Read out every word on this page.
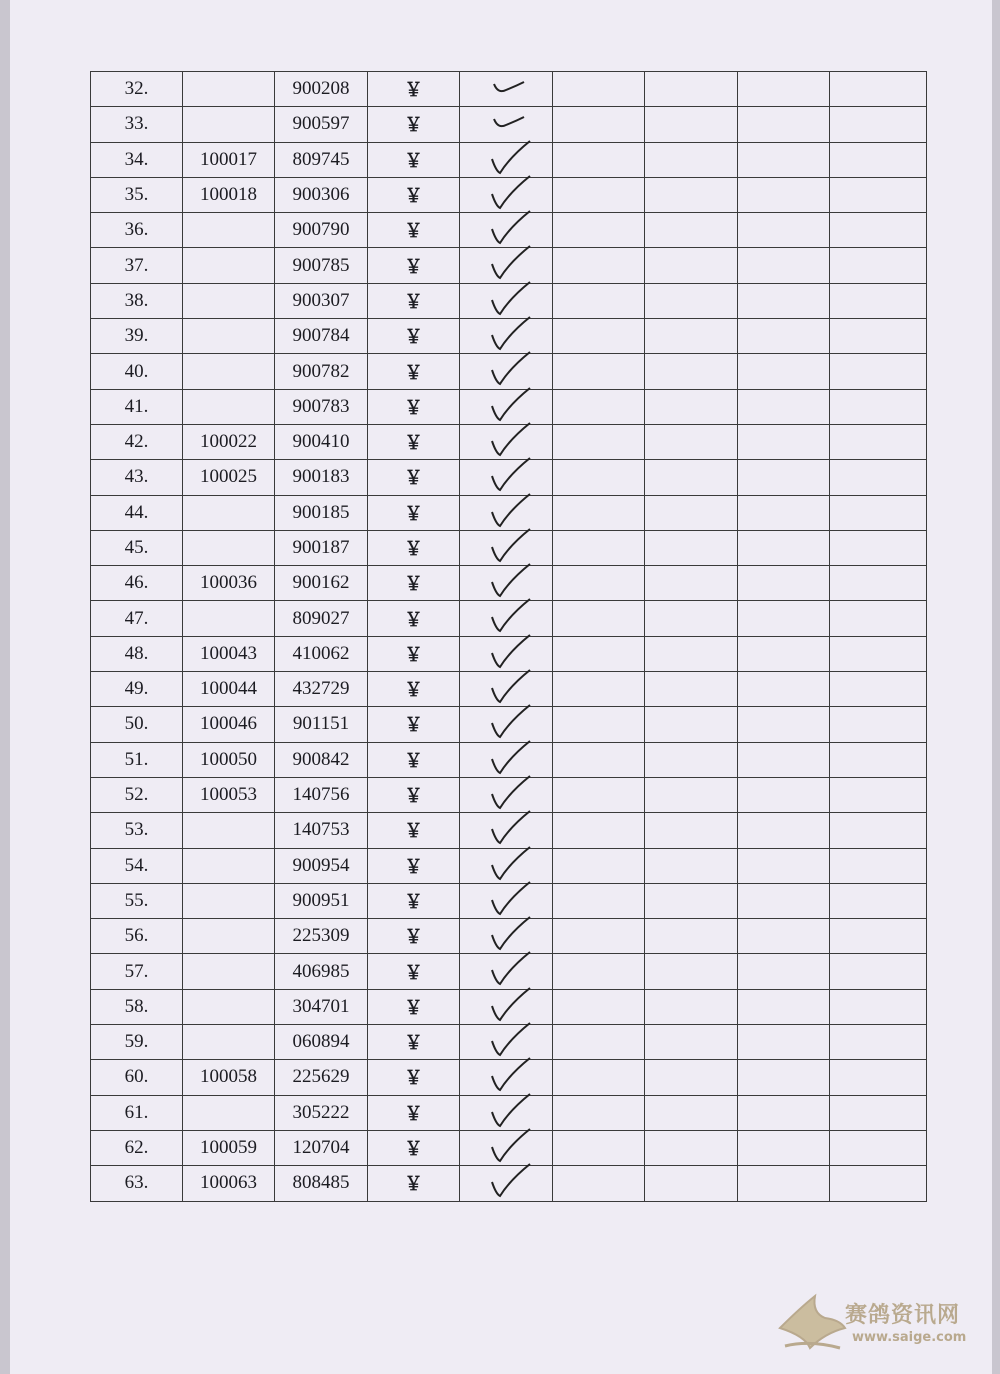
32.		900208	￥	

33.		900597	￥	

34.	100017	809745	￥	

35.	100018	900306	￥	

36.		900790	￥	

37.		900785	￥	

38.		900307	￥	

39.		900784	￥	

40.		900782	￥	

41.		900783	￥	

42.	100022	900410	￥	

43.	100025	900183	￥	

44.		900185	￥	

45.		900187	￥	

46.	100036	900162	￥	

47.		809027	￥	

48.	100043	410062	￥	

49.	100044	432729	￥	

50.	100046	901151	￥	

51.	100050	900842	￥	

52.	100053	140756	￥	

53.		140753	￥	

54.		900954	￥	

55.		900951	￥	

56.		225309	￥	

57.		406985	￥	

58.		304701	￥	

59.		060894	￥	

60.	100058	225629	￥	

61.		305222	￥	

62.	100059	120704	￥	

63.	100063	808485	￥	

赛鸽资讯网
www.saige.com
